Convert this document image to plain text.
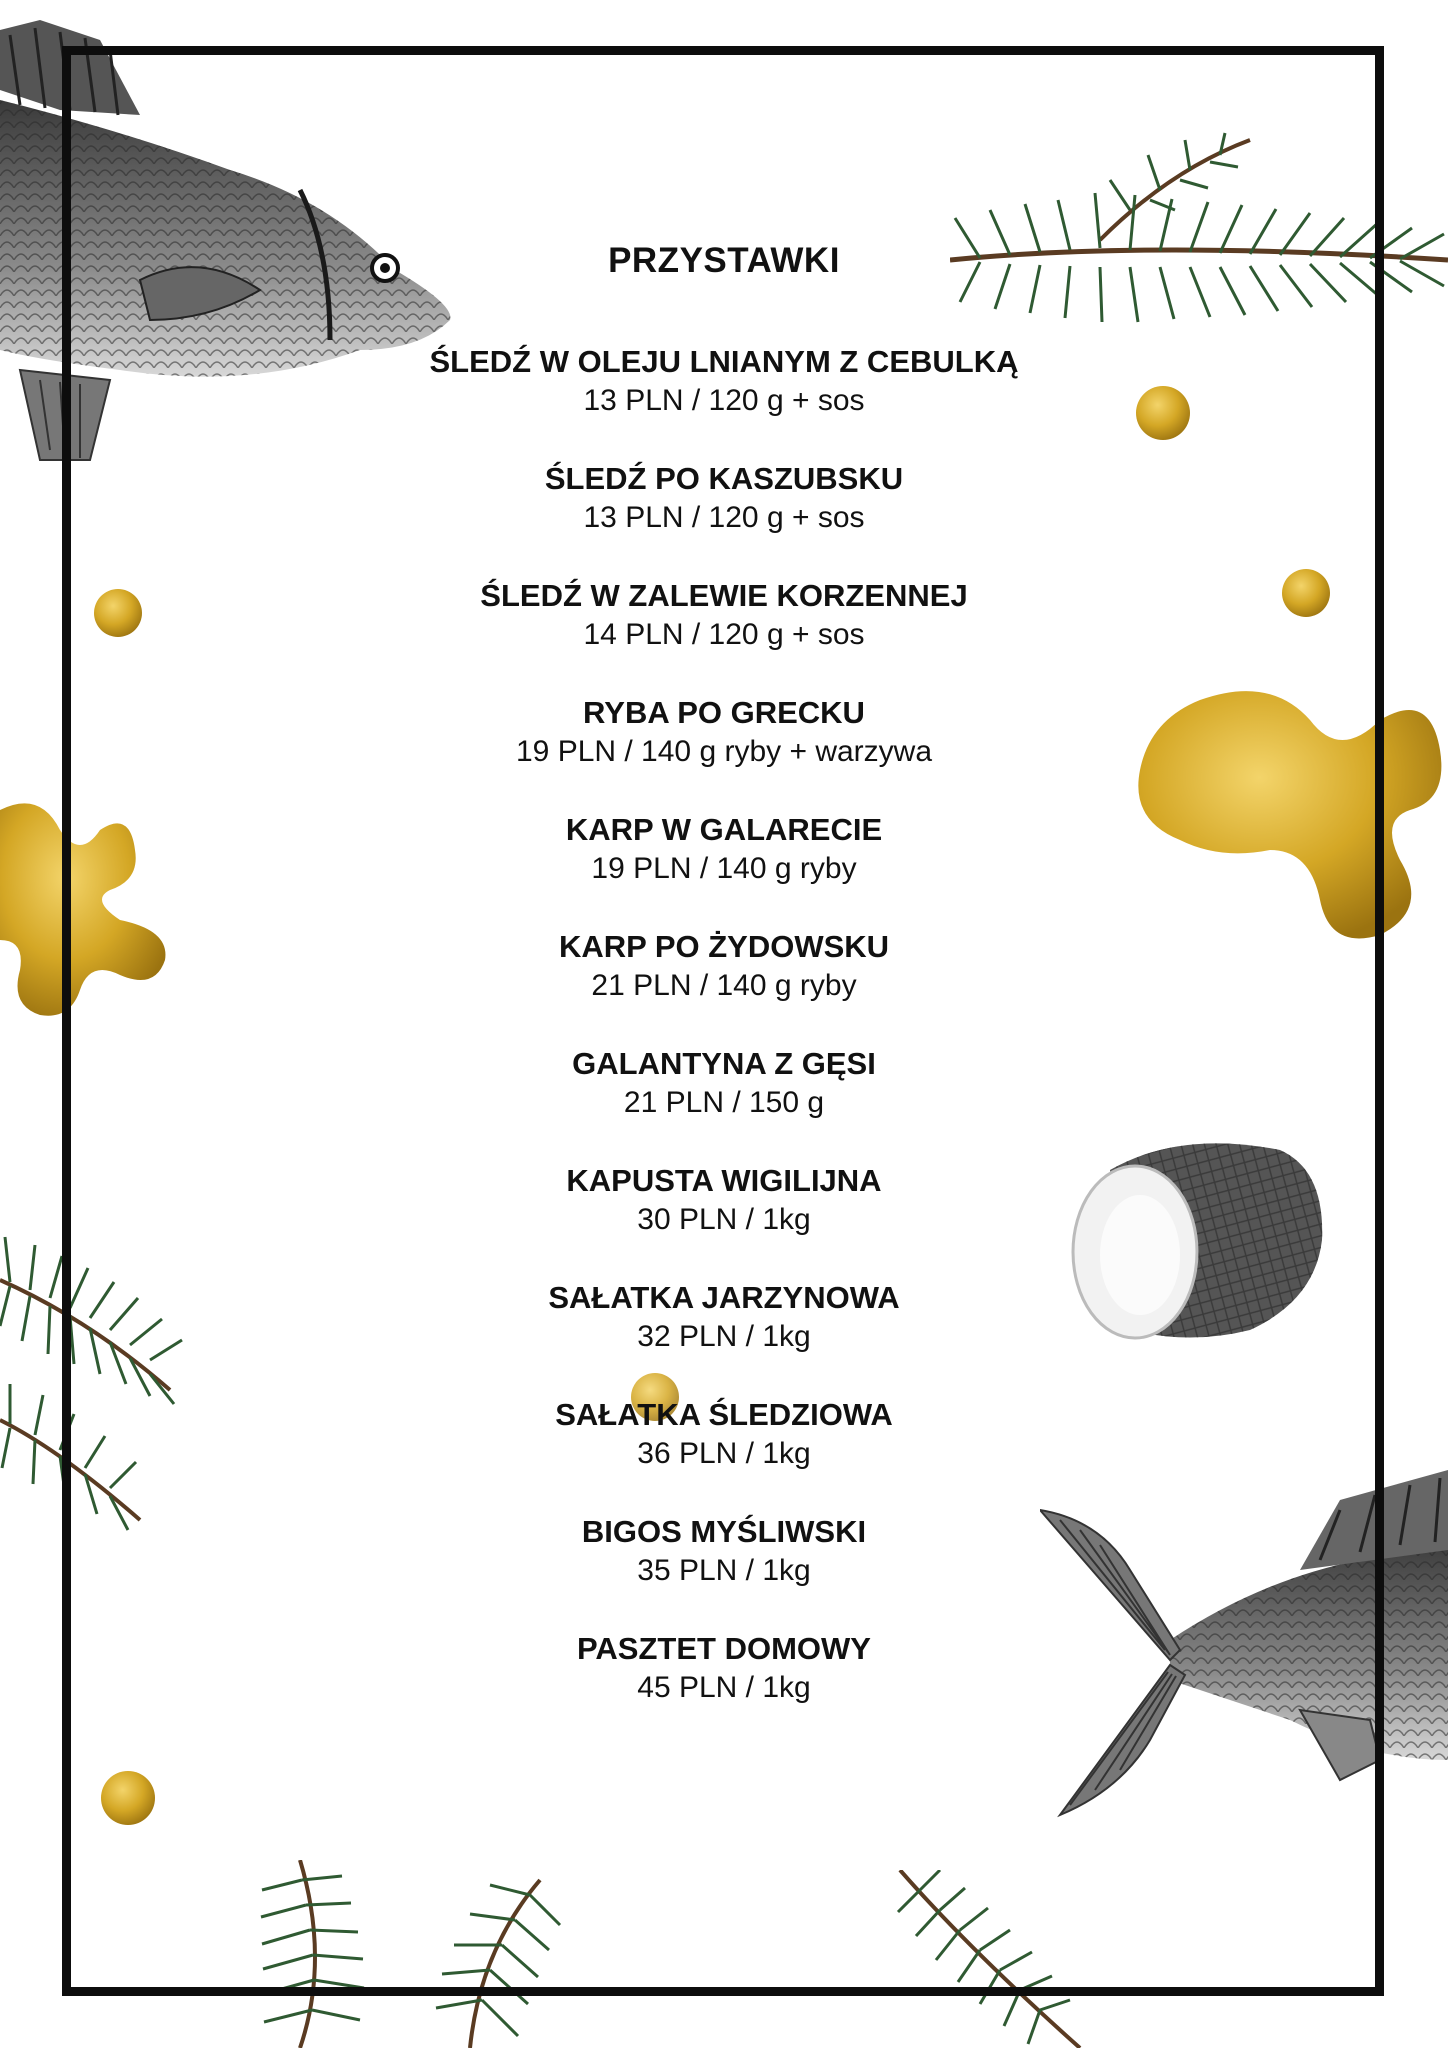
PRZYSTAWKI
ŚLEDŹ W OLEJU LNIANYM Z CEBULKĄ
13 PLN / 120 g + sos
ŚLEDŹ PO KASZUBSKU
13 PLN / 120 g + sos
ŚLEDŹ W ZALEWIE KORZENNEJ
14 PLN / 120 g + sos
RYBA PO GRECKU
19 PLN / 140 g ryby + warzywa
KARP W GALARECIE
19 PLN / 140 g ryby
KARP PO ŻYDOWSKU
21 PLN / 140 g ryby
GALANTYNA Z GĘSI
21 PLN / 150 g
KAPUSTA WIGILIJNA
30 PLN / 1kg
SAŁATKA JARZYNOWA
32 PLN / 1kg
SAŁATKA ŚLEDZIOWA
36 PLN / 1kg
BIGOS MYŚLIWSKI
35 PLN / 1kg
PASZTET DOMOWY
45 PLN / 1kg
